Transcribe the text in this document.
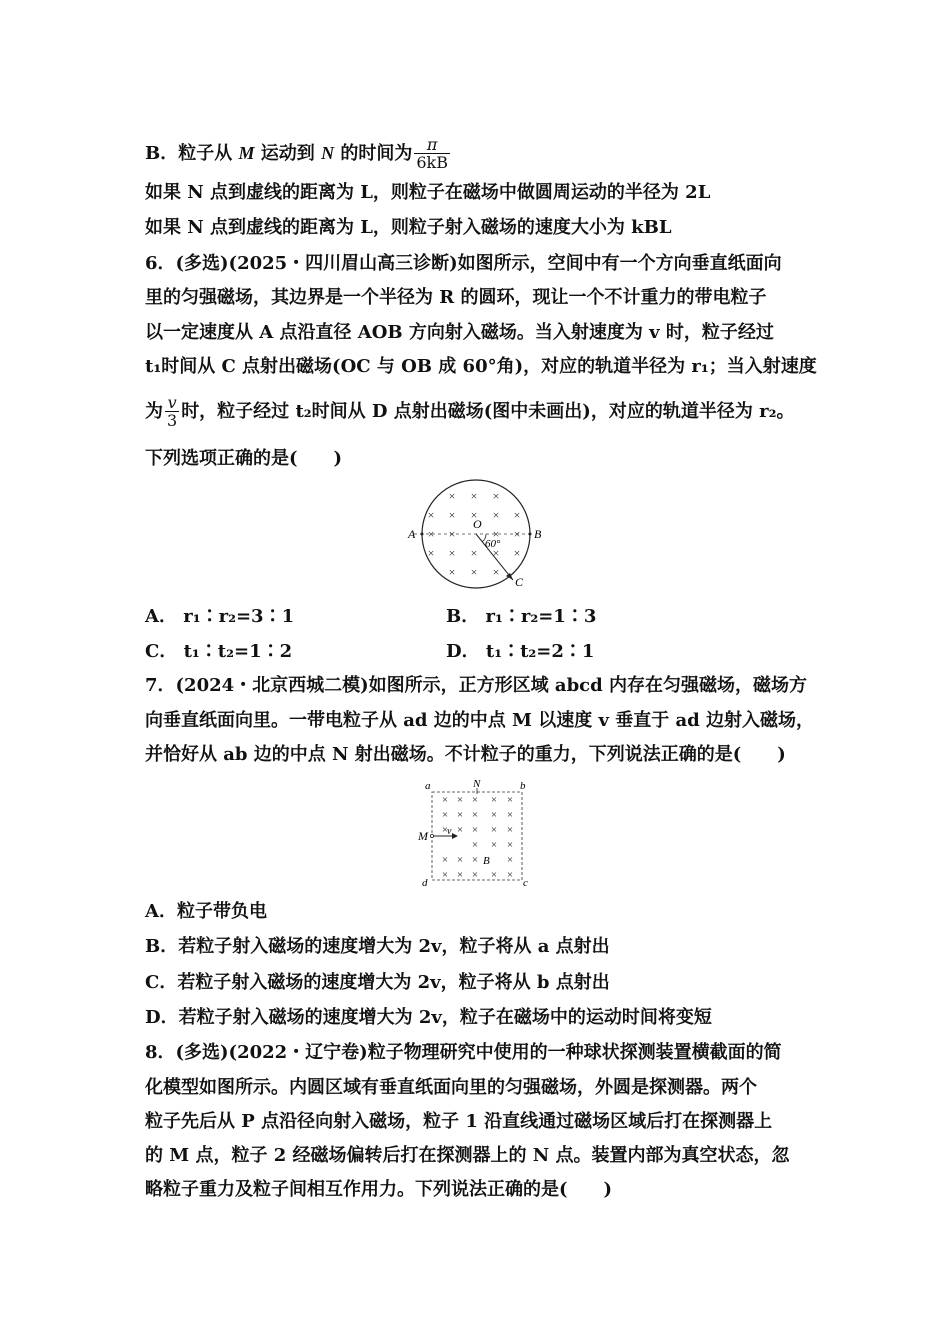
B．粒子从 M 运动到 N 的时间为 $\frac{\pi}{6kB}$
如果 N 点到虚线的距离为 L，则粒子在磁场中做圆周运动的半径为 2L
如果 N 点到虚线的距离为 L，则粒子射入磁场的速度大小为 kBL
6．(多选)(2025・四川眉山高三诊断)如图所示，空间中有一个方向垂直纸面向
里的匀强磁场，其边界是一个半径为 R 的圆环，现让一个不计重力的带电粒子
以一定速度从 A 点沿直径 AOB 方向射入磁场。当入射速度为 v 时，粒子经过
t₁时间从 C 点射出磁场(OC 与 OB 成 60°角)，对应的轨道半径为 r₁；当入射速度
为 $\frac{v}{3}$ 时，粒子经过 t₂时间从 D 点射出磁场(图中未画出)，对应的轨道半径为 r₂。
下列选项正确的是(　　)
× × ×
× × × × ×
× ×	× ×
× × × × ×
× × ×
60°
A	B
O
C
A． r₁∶r₂=3∶1	B． r₁∶r₂=1∶3
C． t₁∶t₂=1∶2	D． t₁∶t₂=2∶1
7．(2024・北京西城二模)如图所示，正方形区域 abcd 内存在匀强磁场，磁场方
向垂直纸面向里。一带电粒子从 ad 边的中点 M 以速度 v 垂直于 ad 边射入磁场，
并恰好从 ab 边的中点 N 射出磁场。不计粒子的重力，下列说法正确的是(　　)
× × × × ×
× × × × ×
× × × × ×
× × ×
× × ×	×
× × × × ×
v
M
N
a	b
c
d
B
A．粒子带负电
B．若粒子射入磁场的速度增大为 2v，粒子将从 a 点射出
C．若粒子射入磁场的速度增大为 2v，粒子将从 b 点射出
D．若粒子射入磁场的速度增大为 2v，粒子在磁场中的运动时间将变短
8．(多选)(2022・辽宁卷)粒子物理研究中使用的一种球状探测装置横截面的简
化模型如图所示。内圆区域有垂直纸面向里的匀强磁场，外圆是探测器。两个
粒子先后从 P 点沿径向射入磁场，粒子 1 沿直线通过磁场区域后打在探测器上
的 M 点，粒子 2 经磁场偏转后打在探测器上的 N 点。装置内部为真空状态，忽
略粒子重力及粒子间相互作用力。下列说法正确的是(　　)
